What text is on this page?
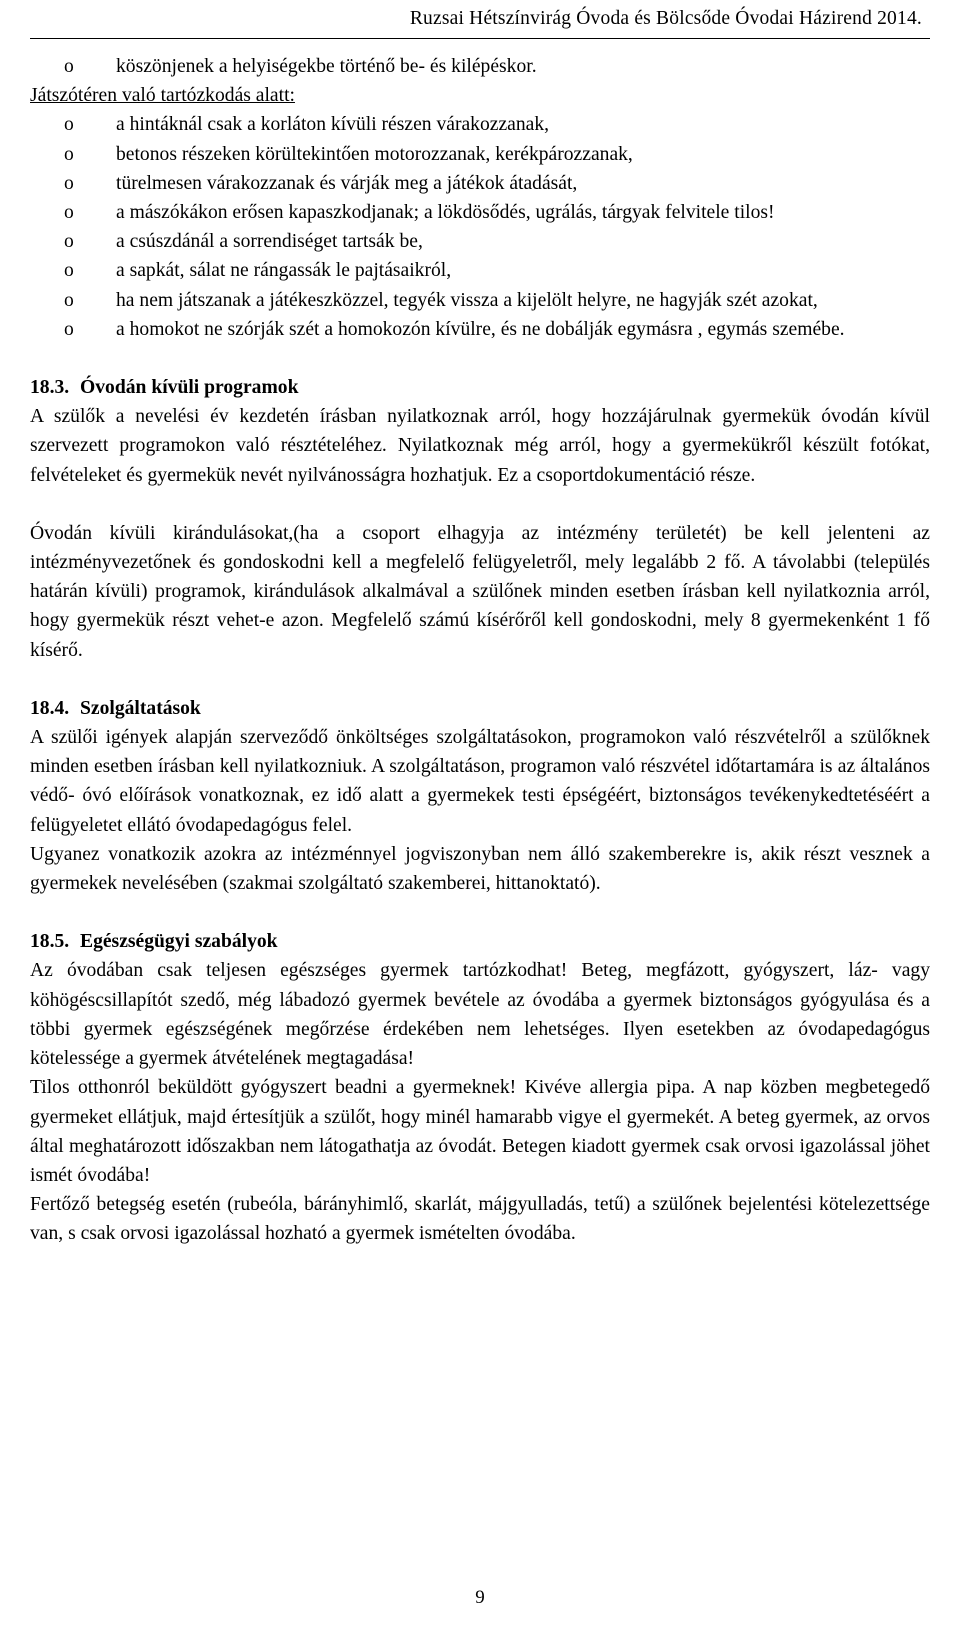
Ruzsai Hétszínvirág Óvoda és Bölcsőde Óvodai Házirend 2014.
o	köszönjenek a helyiségekbe történő be- és kilépéskor.
Játszótéren való tartózkodás alatt:
o	a hintáknál csak a korláton kívüli részen várakozzanak,
o	betonos részeken körültekintően motorozzanak, kerékpározzanak,
o	türelmesen várakozzanak és várják meg a játékok átadását,
o	a mászókákon erősen kapaszkodjanak; a lökdösődés, ugrálás, tárgyak felvitele tilos!
o	a csúszdánál a sorrendiséget tartsák be,
o	a sapkát, sálat ne rángassák le pajtásaikról,
o	ha nem játszanak a játékeszközzel, tegyék vissza a kijelölt helyre, ne hagyják szét azokat,
o	a homokot ne szórják szét a homokozón kívülre, és ne dobálják egymásra , egymás szemébe.
18.3. Óvodán kívüli programok
A szülők a nevelési év kezdetén írásban nyilatkoznak arról, hogy hozzájárulnak gyermekük óvodán kívül szervezett programokon való résztételéhez. Nyilatkoznak még arról, hogy a gyermekükről készült fotókat, felvételeket és gyermekük nevét nyilvánosságra hozhatjuk. Ez a csoportdokumentáció része.
Óvodán kívüli kirándulásokat,(ha a csoport elhagyja az intézmény területét) be kell jelenteni az intézményvezetőnek és gondoskodni kell a megfelelő felügyeletről, mely legalább 2 fő. A távolabbi (település határán kívüli) programok, kirándulások alkalmával a szülőnek minden esetben írásban kell nyilatkoznia arról, hogy gyermekük részt vehet-e azon. Megfelelő számú kísérőről kell gondoskodni, mely 8 gyermekenként 1 fő kísérő.
18.4. Szolgáltatások
A szülői igények alapján szerveződő önköltséges szolgáltatásokon, programokon való részvételről a szülőknek minden esetben írásban kell nyilatkozniuk. A szolgáltatáson, programon való részvétel időtartamára is az általános védő- óvó előírások vonatkoznak, ez idő alatt a gyermekek testi épségéért, biztonságos tevékenykedtetéséért a felügyeletet ellátó óvodapedagógus felel.
Ugyanez vonatkozik azokra az intézménnyel jogviszonyban nem álló szakemberekre is, akik részt vesznek a gyermekek nevelésében (szakmai szolgáltató szakemberei, hittanoktató).
18.5. Egészségügyi szabályok
Az óvodában csak teljesen egészséges gyermek tartózkodhat! Beteg, megfázott, gyógyszert, láz- vagy köhögéscsillapítót szedő, még lábadozó gyermek bevétele az óvodába a gyermek biztonságos gyógyulása és a többi gyermek egészségének megőrzése érdekében nem lehetséges. Ilyen esetekben az óvodapedagógus kötelessége a gyermek átvételének megtagadása!
Tilos otthonról beküldött gyógyszert beadni a gyermeknek! Kivéve allergia pipa. A nap közben megbetegedő gyermeket ellátjuk, majd értesítjük a szülőt, hogy minél hamarabb vigye el gyermekét. A beteg gyermek, az orvos által meghatározott időszakban nem látogathatja az óvodát. Betegen kiadott gyermek csak orvosi igazolással jöhet ismét óvodába!
Fertőző betegség esetén (rubeóla, bárányhimlő, skarlát, májgyulladás, tetű) a szülőnek bejelentési kötelezettsége van, s csak orvosi igazolással hozható a gyermek ismételten óvodába.
9
